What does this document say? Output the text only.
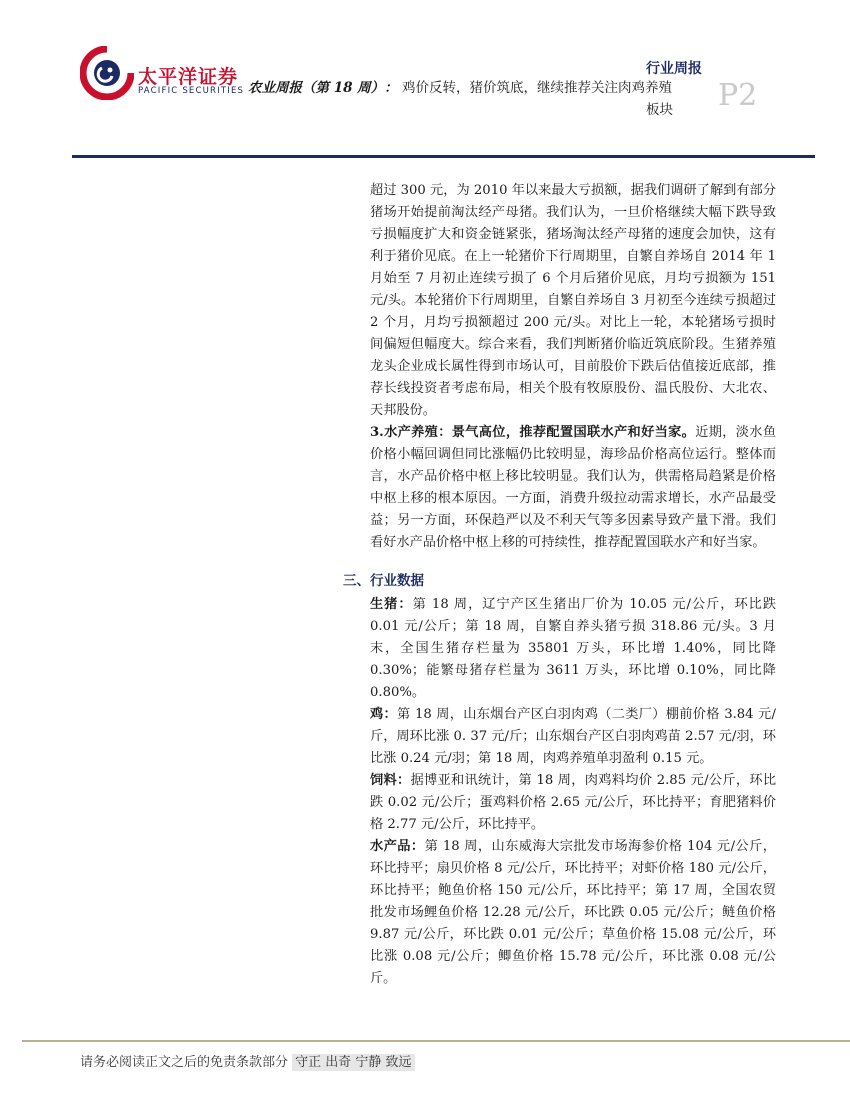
太平洋证券
PACIFIC SECURITIES
行业周报
农业周报（第 18 周）： 鸡价反转，猪价筑底，继续推荐关注肉鸡养殖
板块 P2

超过 300 元，为 2010 年以来最大亏损额，据我们调研了解到有部分猪场开始提前淘汰经产母猪。我们认为，一旦价格继续大幅下跌导致亏损幅度扩大和资金链紧张，猪场淘汰经产母猪的速度会加快，这有利于猪价见底。在上一轮猪价下行周期里，自繁自养场自 2014 年 1 月始至 7 月初止连续亏损了 6 个月后猪价见底，月均亏损额为 151 元/头。本轮猪价下行周期里，自繁自养场自 3 月初至今连续亏损超过 2 个月，月均亏损额超过 200 元/头。对比上一轮，本轮猪场亏损时间偏短但幅度大。综合来看，我们判断猪价临近筑底阶段。生猪养殖龙头企业成长属性得到市场认可，目前股价下跌后估值接近底部，推荐长线投资者考虑布局，相关个股有牧原股份、温氏股份、大北农、天邦股份。

3.水产养殖：景气高位，推荐配置国联水产和好当家。近期，淡水鱼价格小幅回调但同比涨幅仍比较明显，海珍品价格高位运行。整体而言，水产品价格中枢上移比较明显。我们认为，供需格局趋紧是价格中枢上移的根本原因。一方面，消费升级拉动需求增长，水产品最受益；另一方面，环保趋严以及不利天气等多因素导致产量下滑。我们看好水产品价格中枢上移的可持续性，推荐配置国联水产和好当家。

三、行业数据

生猪：第 18 周，辽宁产区生猪出厂价为 10.05 元/公斤，环比跌 0.01 元/公斤；第 18 周，自繁自养头猪亏损 318.86 元/头。3 月末，全国生猪存栏量为 35801 万头，环比增 1.40%，同比降 0.30%；能繁母猪存栏量为 3611 万头，环比增 0.10%，同比降 0.80%。

鸡：第 18 周，山东烟台产区白羽肉鸡（二类厂）棚前价格 3.84 元/斤，周环比涨 0. 37 元/斤；山东烟台产区白羽肉鸡苗 2.57 元/羽，环比涨 0.24 元/羽；第 18 周，肉鸡养殖单羽盈利 0.15 元。

饲料：据博亚和讯统计，第 18 周，肉鸡料均价 2.85 元/公斤，环比跌 0.02 元/公斤；蛋鸡料价格 2.65 元/公斤，环比持平；育肥猪料价格 2.77 元/公斤，环比持平。

水产品：第 18 周，山东威海大宗批发市场海参价格 104 元/公斤，环比持平；扇贝价格 8 元/公斤，环比持平；对虾价格 180 元/公斤，环比持平；鲍鱼价格 150 元/公斤，环比持平；第 17 周，全国农贸批发市场鲤鱼价格 12.28 元/公斤，环比跌 0.05 元/公斤；鲢鱼价格 9.87 元/公斤，环比跌 0.01 元/公斤；草鱼价格 15.08 元/公斤，环比涨 0.08 元/公斤；鲫鱼价格 15.78 元/公斤，环比涨 0.08 元/公斤。

请务必阅读正文之后的免责条款部分 守正 出奇 宁静 致远
